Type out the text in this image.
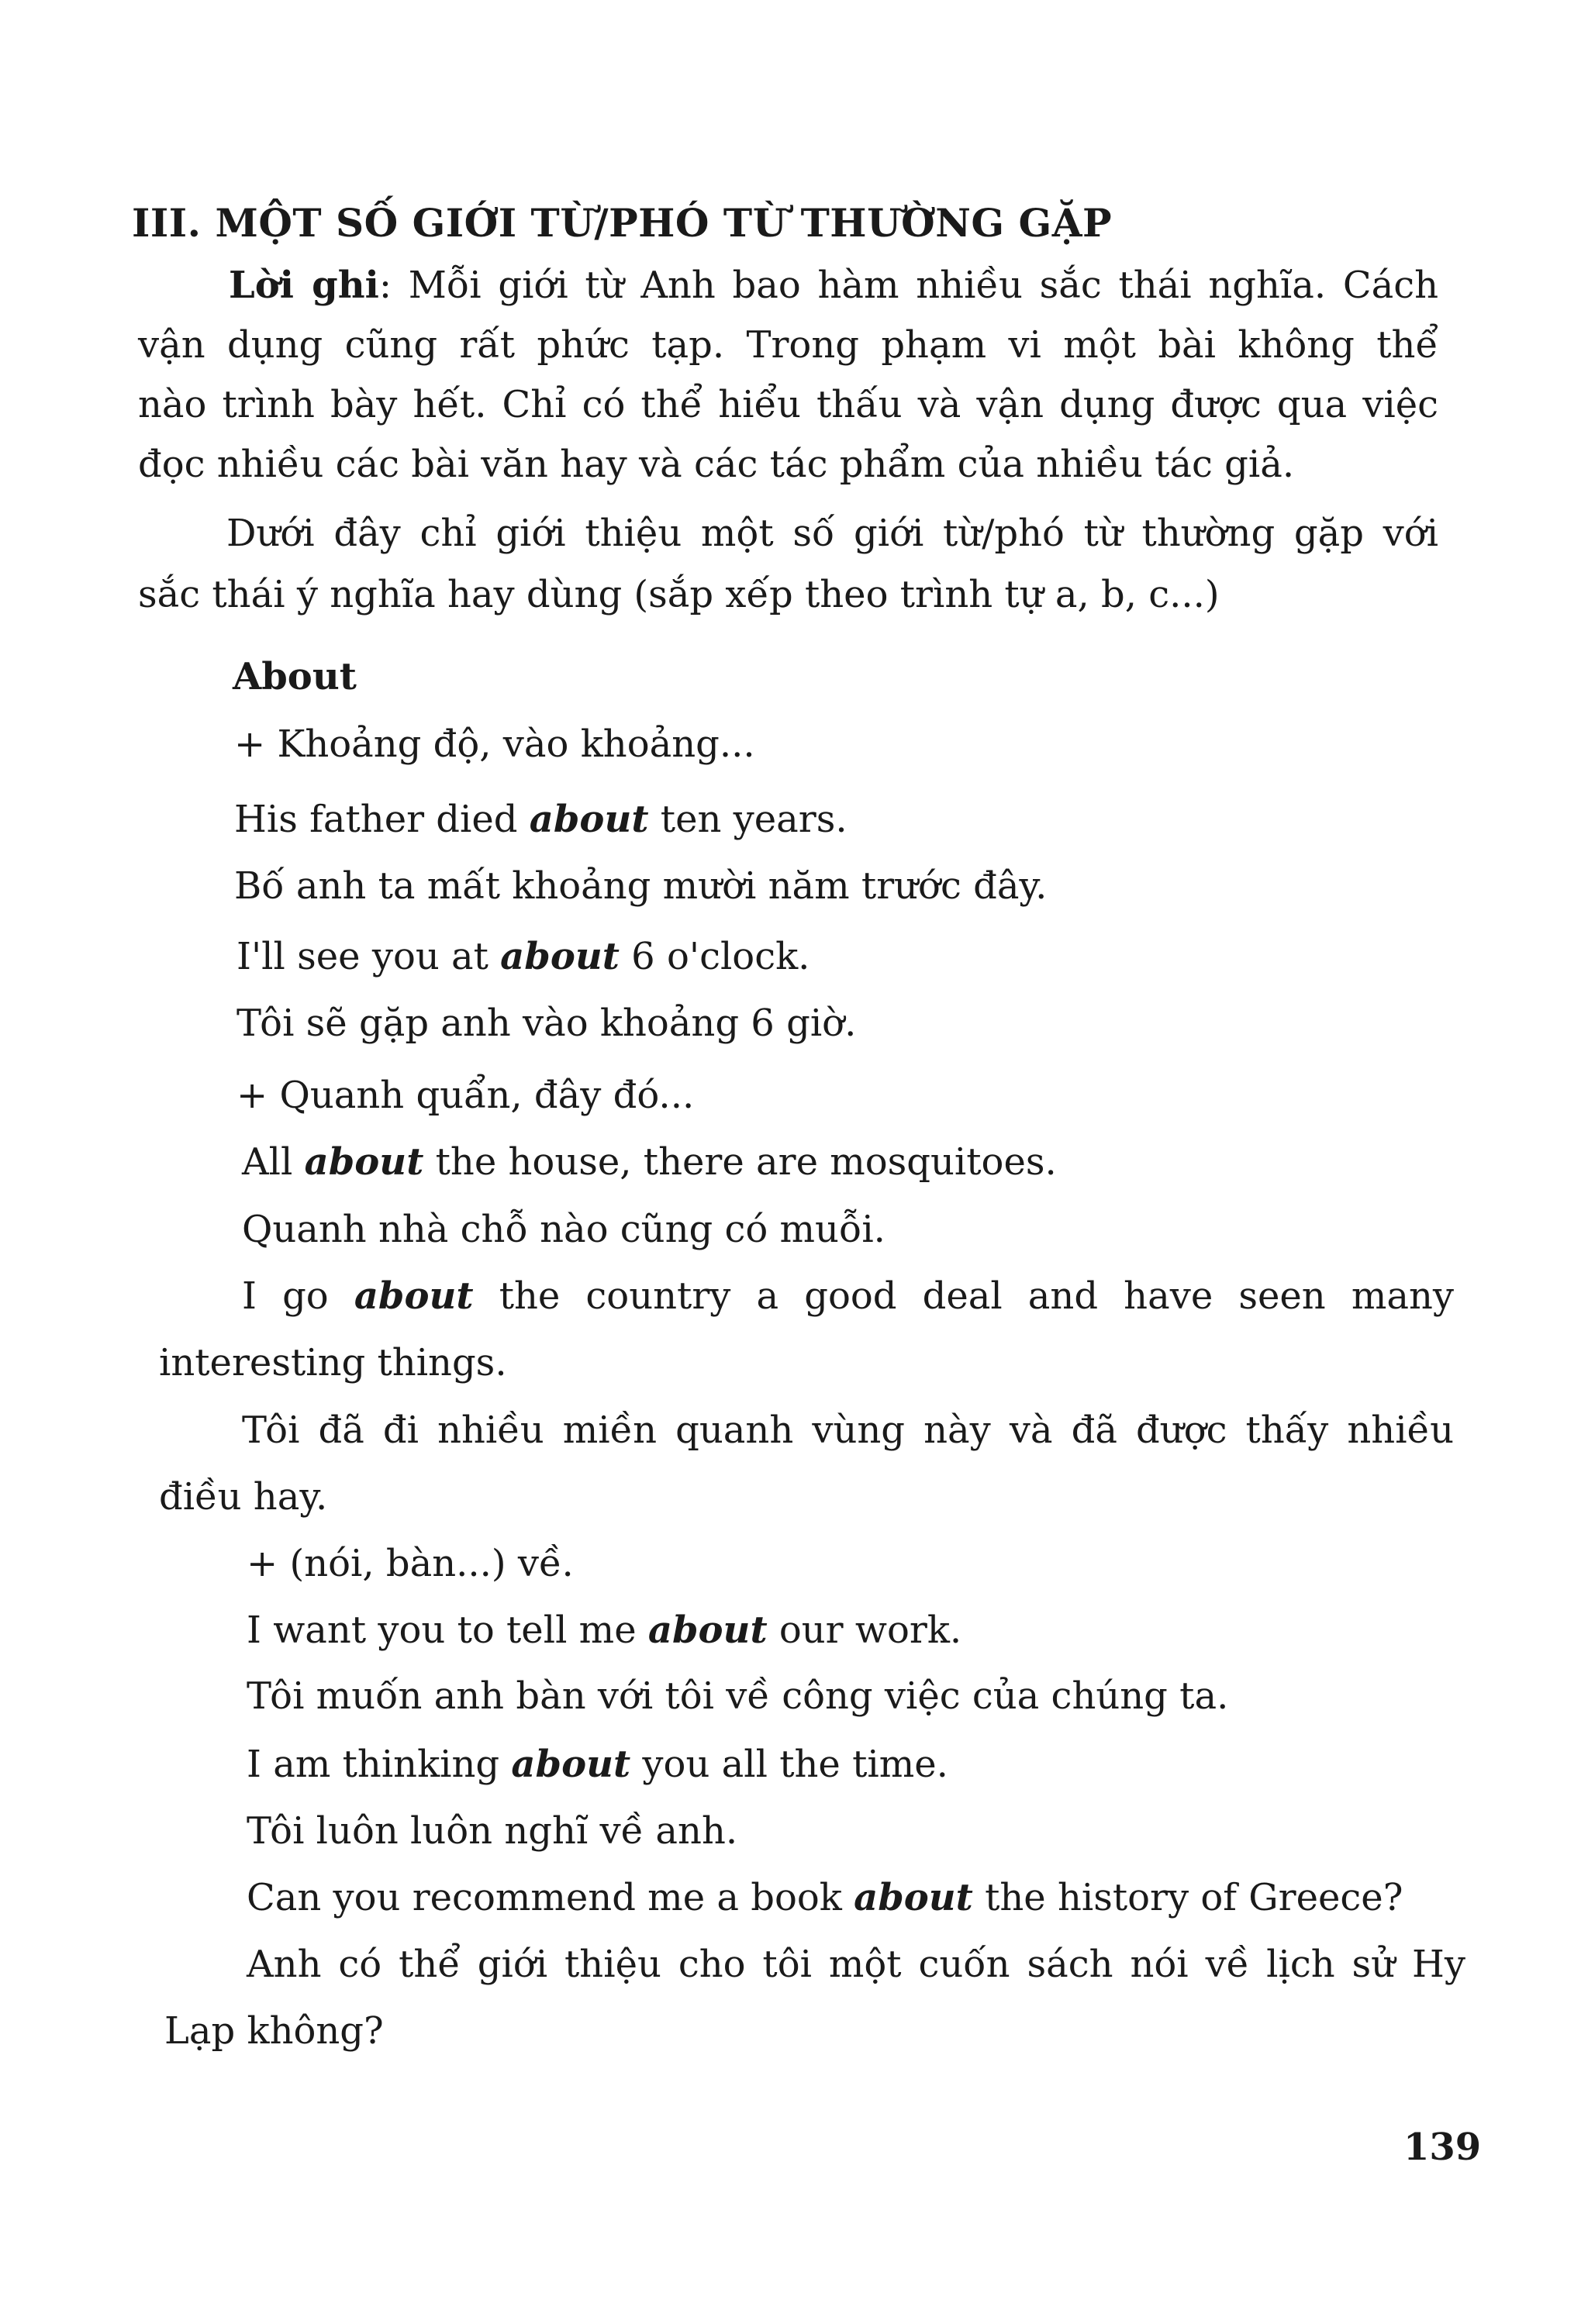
III. MỘT SỐ GIỚI TỪ/PHÓ TỪ THƯỜNG GẶP
Lời ghi: Mỗi giới từ Anh bao hàm nhiều sắc thái nghĩa. Cách
vận dụng cũng rất phức tạp. Trong phạm vi một bài không thể
nào trình bày hết. Chỉ có thể hiểu thấu và vận dụng được qua việc
đọc nhiều các bài văn hay và các tác phẩm của nhiều tác giả.
Dưới đây chỉ giới thiệu một số giới từ/phó từ thường gặp với
sắc thái ý nghĩa hay dùng (sắp xếp theo trình tự a, b, c...)
About
+ Khoảng độ, vào khoảng...
His father died about ten years.
Bố anh ta mất khoảng mười năm trước đây.
I'll see you at about 6 o'clock.
Tôi sẽ gặp anh vào khoảng 6 giờ.
+ Quanh quẩn, đây đó...
All about the house, there are mosquitoes.
Quanh nhà chỗ nào cũng có muỗi.
I go about the country a good deal and have seen many
interesting things.
Tôi đã đi nhiều miền quanh vùng này và đã được thấy nhiều
điều hay.
+ (nói, bàn...) về.
I want you to tell me about our work.
Tôi muốn anh bàn với tôi về công việc của chúng ta.
I am thinking about you all the time.
Tôi luôn luôn nghĩ về anh.
Can you recommend me a book about the history of Greece?
Anh có thể giới thiệu cho tôi một cuốn sách nói về lịch sử Hy
Lạp không?
139
